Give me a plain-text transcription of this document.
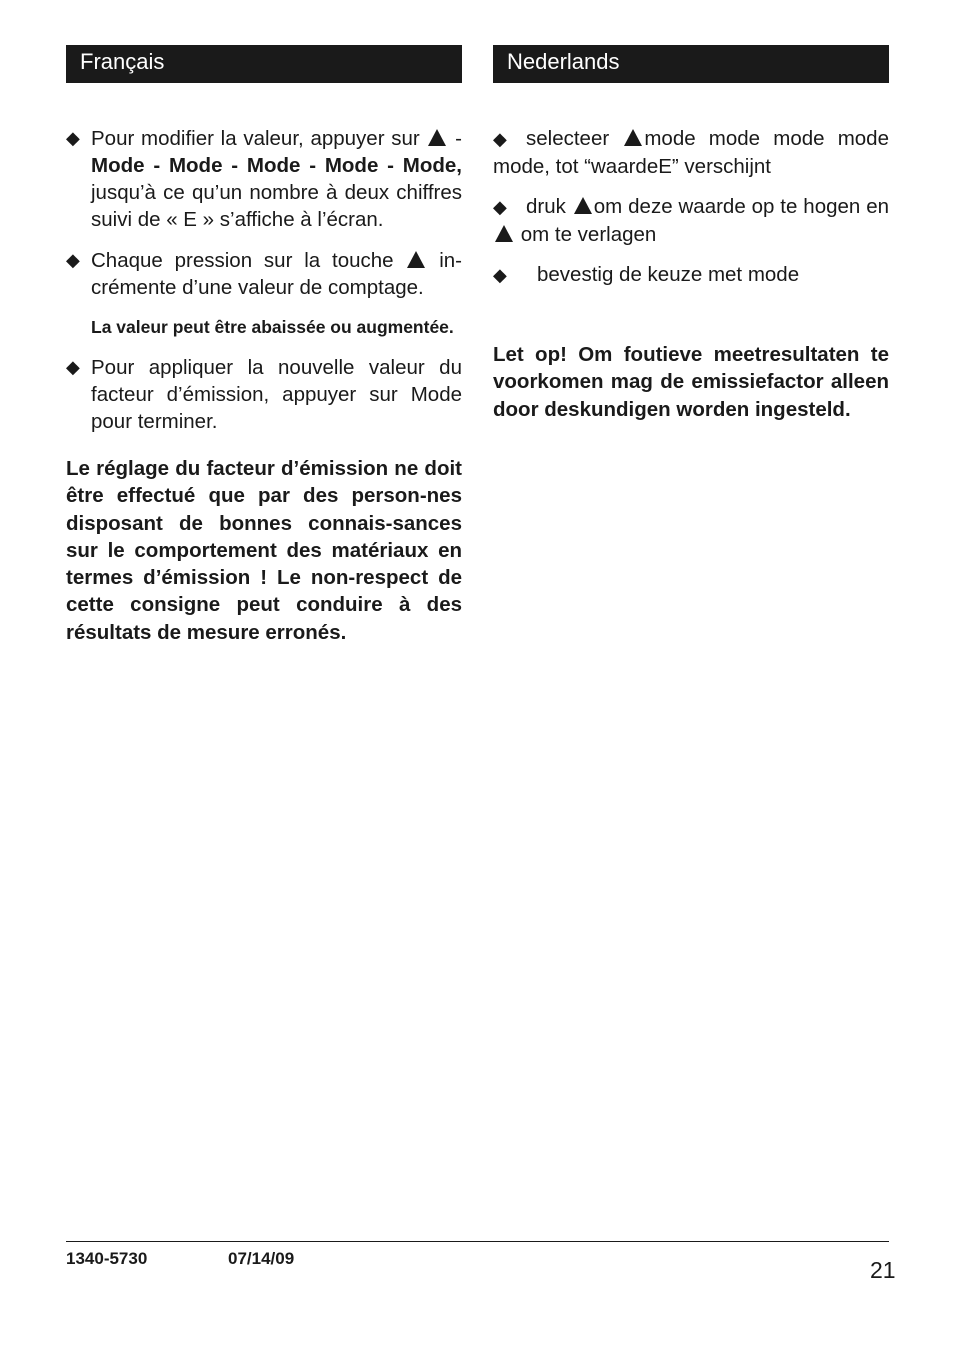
Français
◆ Pour modifier la valeur, appuyer sur - Mode - Mode - Mode - Mode - Mode, jusqu’à ce qu’un nombre à deux chiffres suivi de « E » s’affiche à l’écran.
◆ Chaque pression sur la touche in-crémente d’une valeur de comptage.

La valeur peut être abaissée ou augmentée.

◆ Pour appliquer la nouvelle valeur du facteur d’émission, appuyer sur Mode pour terminer.
Le réglage du facteur d’émission ne doit être effectué que par des person-nes disposant de bonnes connais-sances sur le comportement des matériaux en termes d’émission ! Le non-respect de cette consigne peut conduire à des résultats de mesure erronés.
Nederlands
◆ selecteer mode mode mode mode mode, tot “waardeE” verschijnt
◆ druk om deze waarde op te hogen en  om te verlagen
◆ bevestig de keuze met mode
Let op! Om foutieve meetresultaten te voorkomen mag de emissiefactor alleen door deskundigen worden ingesteld.
1340-5730	07/14/09	21
